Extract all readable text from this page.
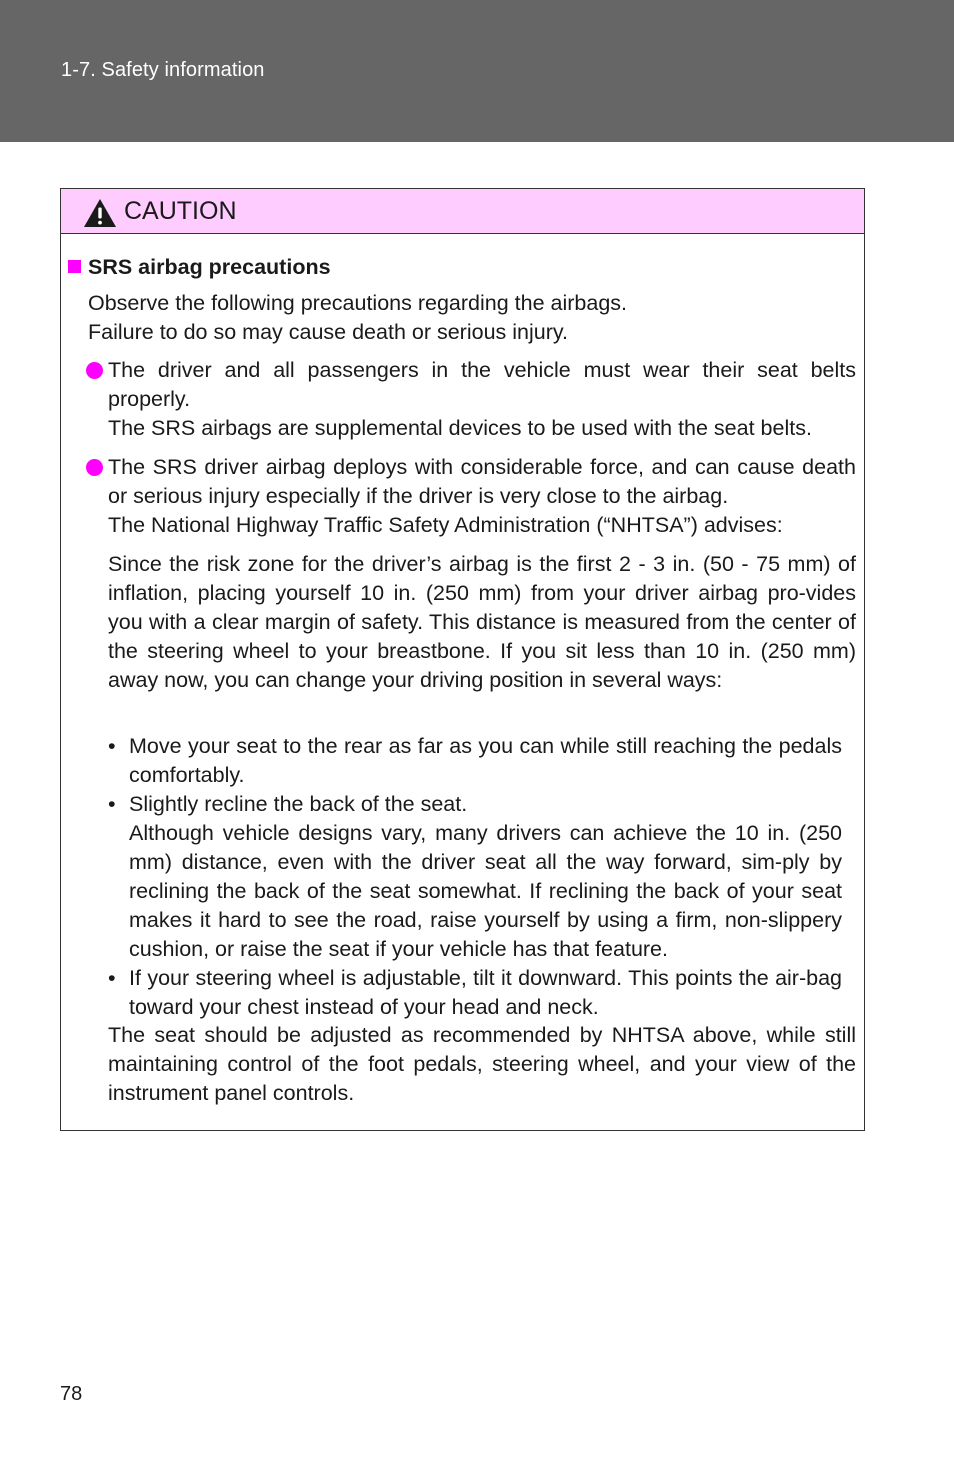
1-7. Safety information
CAUTION
SRS airbag precautions
Observe the following precautions regarding the airbags.
Failure to do so may cause death or serious injury.
The driver and all passengers in the vehicle must wear their seat belts properly.
The SRS airbags are supplemental devices to be used with the seat belts.
The SRS driver airbag deploys with considerable force, and can cause death or serious injury especially if the driver is very close to the airbag.
The National Highway Traffic Safety Administration (“NHTSA”) advises:
Since the risk zone for the driver’s airbag is the first 2 - 3 in. (50 - 75 mm) of inflation, placing yourself 10 in. (250 mm) from your driver airbag pro-vides you with a clear margin of safety. This distance is measured from the center of the steering wheel to your breastbone. If you sit less than 10 in. (250 mm) away now, you can change your driving position in several ways:
• Move your seat to the rear as far as you can while still reaching the pedals comfortably.
• Slightly recline the back of the seat.
Although vehicle designs vary, many drivers can achieve the 10 in. (250 mm) distance, even with the driver seat all the way forward, sim-ply by reclining the back of the seat somewhat. If reclining the back of your seat makes it hard to see the road, raise yourself by using a firm, non-slippery cushion, or raise the seat if your vehicle has that feature.
• If your steering wheel is adjustable, tilt it downward. This points the air-bag toward your chest instead of your head and neck.
The seat should be adjusted as recommended by NHTSA above, while still maintaining control of the foot pedals, steering wheel, and your view of the instrument panel controls.
78
